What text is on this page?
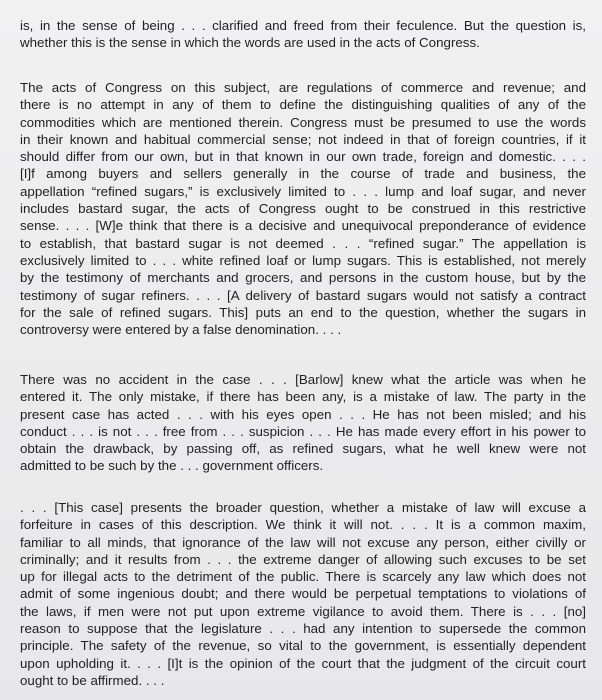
is, in the sense of being . . . clarified and freed from their feculence. But the question is,
whether this is the sense in which the words are used in the acts of Congress.
The acts of Congress on this subject, are regulations of commerce and revenue; and
there is no attempt in any of them to define the distinguishing qualities of any of the
commodities which are mentioned therein. Congress must be presumed to use the words
in their known and habitual commercial sense; not indeed in that of foreign countries, if it
should differ from our own, but in that known in our own trade, foreign and domestic. . . .
[I]f among buyers and sellers generally in the course of trade and business, the
appellation “refined sugars,” is exclusively limited to . . . lump and loaf sugar, and never
includes bastard sugar, the acts of Congress ought to be construed in this restrictive
sense. . . . [W]e think that there is a decisive and unequivocal preponderance of evidence
to establish, that bastard sugar is not deemed . . . “refined sugar.” The appellation is
exclusively limited to . . . white refined loaf or lump sugars. This is established, not merely
by the testimony of merchants and grocers, and persons in the custom house, but by the
testimony of sugar refiners. . . . [A delivery of bastard sugars would not satisfy a contract
for the sale of refined sugars. This] puts an end to the question, whether the sugars in
controversy were entered by a false denomination. . . .
There was no accident in the case . . . [Barlow] knew what the article was when he
entered it. The only mistake, if there has been any, is a mistake of law. The party in the
present case has acted . . . with his eyes open . . . He has not been misled; and his
conduct . . . is not . . . free from . . . suspicion . . . He has made every effort in his power to
obtain the drawback, by passing off, as refined sugars, what he well knew were not
admitted to be such by the . . . government officers.
. . . [This case] presents the broader question, whether a mistake of law will excuse a
forfeiture in cases of this description. We think it will not. . . . It is a common maxim,
familiar to all minds, that ignorance of the law will not excuse any person, either civilly or
criminally; and it results from . . . the extreme danger of allowing such excuses to be set
up for illegal acts to the detriment of the public. There is scarcely any law which does not
admit of some ingenious doubt; and there would be perpetual temptations to violations of
the laws, if men were not put upon extreme vigilance to avoid them. There is . . . [no]
reason to suppose that the legislature . . . had any intention to supersede the common
principle. The safety of the revenue, so vital to the government, is essentially dependent
upon upholding it. . . . [I]t is the opinion of the court that the judgment of the circuit court
ought to be affirmed. . . .
